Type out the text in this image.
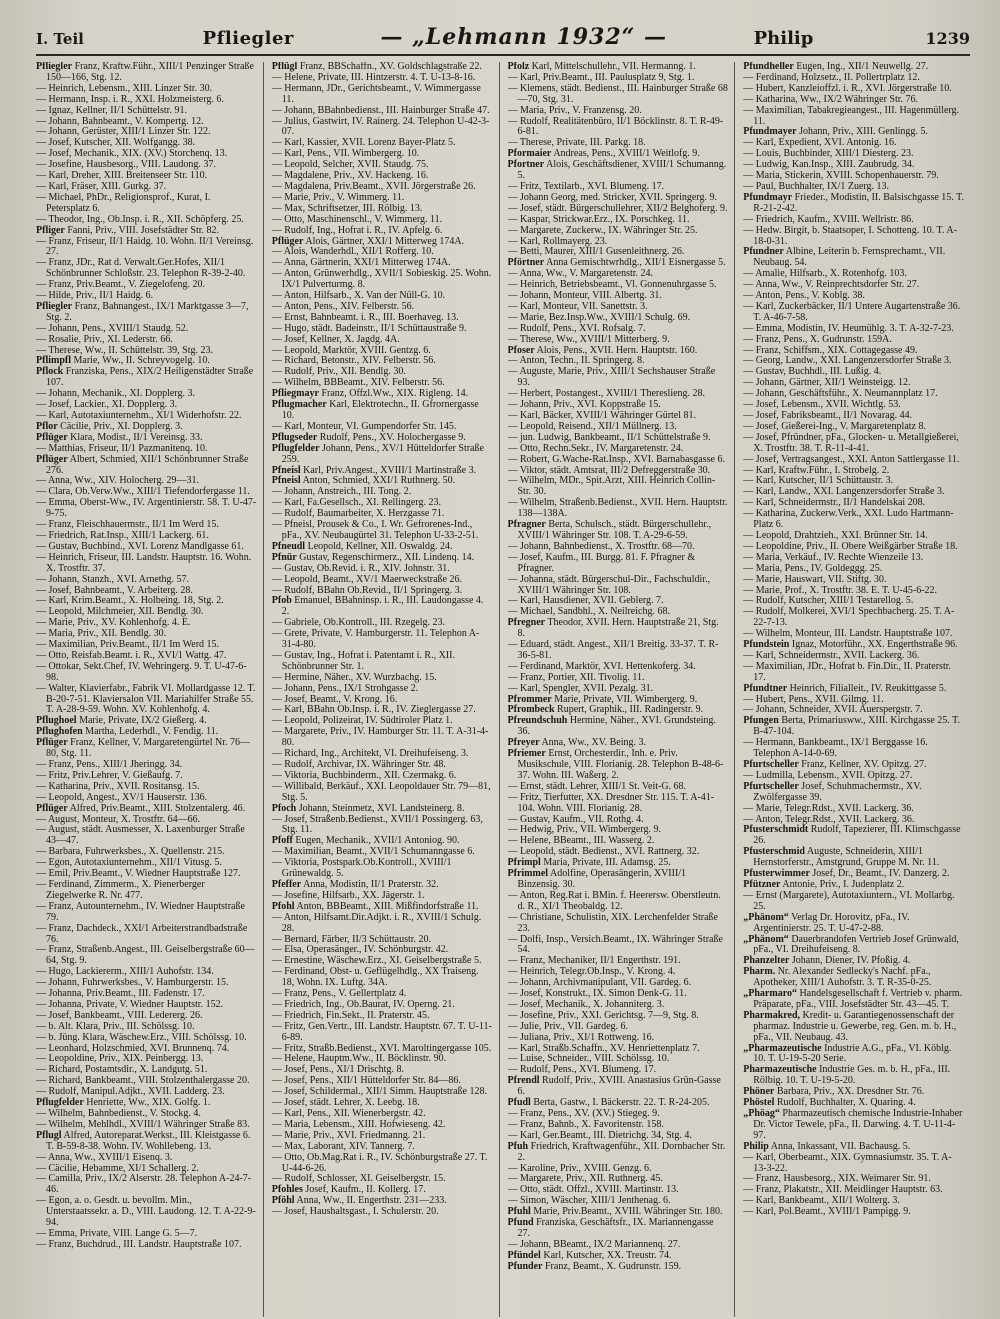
I. Teil	Pfliegler	— „Lehmann 1932“ —	Philip	1239

Pfliegler Franz, Kraftw.Führ., XIII/1 Penzinger Straße 150—166, Stg. 12.

— Heinrich, Lebensm., XIII. Linzer Str. 30.

— Hermann, Insp. i. R., XXI. Holzmeisterg. 6.

— Ignaz, Kellner, II/1 Schüttelstr. 91.

— Johann, Bahnbeamt., V. Kompertg. 12.

— Johann, Gerüster, XIII/1 Linzer Str. 122.

— Josef, Kutscher, XII. Wolfgangg. 38.

— Josef, Mechanik., XIX. (XV.) Storchenq. 13.

— Josefine, Hausbesorg., VIII. Laudong. 37.

— Karl, Dreher, XIII. Breitenseer Str. 110.

— Karl, Fräser, XIII. Gurkg. 37.

— Michael, PhDr., Religionsprof., Kurat, I. Petersplatz 6.

— Theodor, Ing., Ob.Insp. i. R., XII. Schöpferg. 25.

Pfliger Fanni, Priv., VIII. Josefstädter Str. 82.

— Franz, Friseur, II/1 Haidg. 10. Wohn. II/1 Vereinsg. 27.

— Franz, JDr., Rat d. Verwalt.Ger.Hofes, XII/1 Schönbrunner Schloßstr. 23. Telephon R-39-2-40.

— Franz, Priv.Beamt., V. Ziegelofeng. 20.

— Hilde, Priv., II/1 Haidg. 6.

Pfliegler Franz, Bahnangest., IX/1 Marktgasse 3—7, Stg. 2.

— Johann, Pens., XVIII/1 Staudg. 52.

— Rosalie, Priv., XI. Lederstr. 66.

— Therese, Ww., II. Schüttelstr. 39, Stg. 23.

Pflimpfl Marie, Ww., II. Schreyvogelg. 10.

Pflock Franziska, Pens., XIX/2 Heiligenstädter Straße 107.

— Johann, Mechanik., XI. Dopplerg. 3.

— Josef, Lackier., XI. Dopplerg. 3.

— Karl, Autotaxiunternehm., XI/1 Widerhofstr. 22.

Pflor Cäcilie, Priv., XI. Dopplerg. 3.

Pflüger Klara, Modist., II/1 Vereinsg. 33.

— Matthias, Friseur, II/1 Pazmanitenq. 10.

Pflüger Albert, Schmied, XII/1 Schönbrunner Straße 276.

— Anna, Ww., XIV. Holocherg. 29—31.

— Clara, Ob.Verw.Ww., XIII/1 Tiefendorfergasse 11.

— Emma, Oberst-Ww., IV. Argentinierstr. 58. T. U-47-9-75.

— Franz, Fleischhauermstr., II/1 Im Werd 15.

— Friedrich, Rat.Insp., XIII/1 Lackerg. 61.

— Gustav, Buchbind., XVI. Lorenz Mandlgasse 61.

— Heinrich, Friseur, III. Landstr. Hauptstr. 16. Wohn. X. Trostftr. 37.

— Johann, Stanzh., XVI. Arnethg. 57.

— Josef, Bahnbeamt., V. Arbeiterg. 28.

— Karl, Krim.Beamt., X. Holbeing. 18, Stg. 2.

— Leopold, Milchmeier, XII. Bendlg. 30.

— Marie, Priv., XV. Kohlenhofg. 4. E.

— Maria, Priv., XII. Bendlg. 30.

— Maximilian, Priv.Beamt., II/1 Im Werd 15.

— Otto, Reisfab.Beamt. i. R., XVI/1 Wattg. 47.

— Ottokar, Sekt.Chef, IV. Wehringerg. 9. T. U-47-6-98.

— Walter, Klavierfabr., Fabrik VI. Mollardgasse 12. T. B-20-7-51. Klaviersalon VII. Mariahilfer Straße 55. T. A-28-9-59. Wohn. XV. Kohlenhofg. 4.

Pflughoel Marie, Private, IX/2 Gießerg. 4.

Pflughofen Martha, Lederhdl., V. Fendig. 11.

Pflüger Franz, Kellner, V. Margaretengürtel Nr. 76—80, Stg. 11.

— Franz, Pens., XIII/1 Jheringg. 34.

— Fritz, Priv.Lehrer, V. Gießaufg. 7.

— Katharina, Priv., XVII. Rositansg. 15.

— Leopold, Angest., XV/1 Hauserstr. 136.

Pflüger Alfred, Priv.Beamt., XIII. Stolzentalerg. 46.

— August, Monteur, X. Trostftr. 64—66.

— August, städt. Ausmesser, X. Laxenburger Straße 43—47.

— Barbara, Fuhrwerksbes., X. Quellenstr. 215.

— Egon, Autotaxiunternehm., XII/1 Vitusg. 5.

— Emil, Priv.Beamt., V. Wiedner Hauptstraße 127.

— Ferdinand, Zimmerm., X. Pienerberger Ziegelwerke R. Nr. 477.

— Franz, Autounternehm., IV. Wiedner Hauptstraße 79.

— Franz, Dachdeck., XXI/1 Arbeiterstrandbadstraße 76.

— Franz, Straßenb.Angest., III. Geiselbergstraße 60—64, Stg. 9.

— Hugo, Lackiererm., XIII/1 Auhofstr. 134.

— Johann, Fuhrwerksbes., V. Hamburgerstr. 15.

— Johanna, Priv.Beamt., III. Fadenstr. 17.

— Johanna, Private, V. Wiedner Hauptstr. 152.

— Josef, Bankbeamt., VIII. Ledererg. 26.

— b. Alt. Klara, Priv., III. Schölssg. 10.

— b. Jüng. Klara, Wäschew.Erz., VIII. Schölssg. 10.

— Leonhard, Holzschmied, XVI. Brunnenq. 74.

— Leopoldine, Priv., XIX. Peinbergg. 13.

— Richard, Postamtsdir., X. Landgutg. 51.

— Richard, Bankbeamt., VIII. Stolzenthalergasse 20.

— Rudolf, Manipul.Adjkt., XVII. Ladderg. 23.

Pflugfelder Henriette, Ww., XIX. Golfg. 1.

— Wilhelm, Bahnbedienst., V. Stockg. 4.

— Wilhelm, Mehlhdl., XVIII/1 Währinger Straße 83.

Pflugl Alfred, Autoreparat.Werkst., III. Kleistgasse 6. T. B-59-8-38. Wohn. IV. Wohllebeng. 13.

— Anna, Ww., XVIII/1 Eisenq. 3.

— Cäcilie, Hebamme, XI/1 Schallerg. 2.

— Camilla, Priv., IX/2 Alserstr. 28. Telephon A-24-7-46.

— Egon, a. o. Gesdt. u. bevollm. Min., Unterstaatssekr. a. D., VIII. Laudong. 12. T. A-22-9-94.

— Emma, Private, VIII. Lange G. 5—7.

— Franz, Buchdrud., III. Landstr. Hauptstraße 107.

Pflügl Franz, BBSchaffn., XV. Goldschlagstraße 22.

— Helene, Private, III. Hintzerstr. 4. T. U-13-8-16.

— Hermann, JDr., Gerichtsbeamt., V. Wimmergasse 11.

— Johann, BBahnbedienst., III. Hainburger Straße 47.

— Julius, Gastwirt, IV. Rainerg. 24. Telephon U-42-3-07.

— Karl, Kassier, XVII. Lorenz Bayer-Platz 5.

— Karl, Pens., VII. Wimbergerg. 10.

— Leopold, Selcher, XVII. Staudg. 75.

— Magdalene, Priv., XV. Hackeng. 16.

— Magdalena, Priv.Beamt., XVII. Jörgerstraße 26.

— Marie, Priv., V. Wimmerg. 11.

— Max, Schriftsetzer, III. Rölbig. 13.

— Otto, Maschinenschl., V. Wimmerg. 11.

— Rudolf, Ing., Hofrat i. R., IV. Apfelg. 6.

Pflüger Alois, Gärtner, XXI/1 Mitterweg 174A.

— Alois, Wanderhdl., XII/1 Rofferg. 10.

— Anna, Gärtnerin, XXI/1 Mitterweg 174A.

— Anton, Grünwerhdlg., XVII/1 Sobieskig. 25. Wohn. IX/1 Pulverturmg. 8.

— Anton, Hilfsarb., X. Van der Nüll-G. 10.

— Anton, Pens., XIV. Felberstr. 56.

— Ernst, Bahnbeamt. i. R., III. Boerhaveg. 13.

— Hugo, städt. Badeinstr., II/1 Schüttaustraße 9.

— Josef, Kellner, X. Jagdg. 4A.

— Leopold, Marktör, XVIII. Gentzg. 6.

— Richard, Betonstr., XIV. Felberstr. 56.

— Rudolf, Priv., XII. Bendlg. 30.

— Wilhelm, BBBeamt., XIV. Felberstr. 56.

Pfliegmayr Franz, Offzl.Ww., XIX. Rigleng. 14.

Pflugmacher Karl, Elektrotechn., II. Gfrornergasse 10.

— Karl, Monteur, VI. Gumpendorfer Str. 145.

Pflugseder Rudolf, Pens., XV. Holochergasse 9.

Pflugfelder Johann, Pens., XV/1 Hütteldorfer Straße 259.

Pfneisl Karl, Priv.Angest., XVIII/1 Martinstraße 3.

Pfneisl Anton, Schmied, XXI/1 Ruthnerg. 50.

— Johann, Anstreich., III. Tong. 2.

— Karl, Fa.Gesellsch., XI. Rellingerg. 23.

— Rudolf, Baumarbeiter, X. Herzgasse 71.

— Pfneisl, Prousek & Co., I. Wr. Gefrorenes-Ind., pFa., XV. Neubaugürtel 31. Telephon U-33-2-51.

Pfneudl Leopold, Kellner, XII. Oswaldg. 24.

Pfnür Gustav, Regenschirmerz., XII. Lindenq. 14.

— Gustav, Ob.Revid. i. R., XIV. Johnstr. 31.

— Leopold, Beamt., XV/1 Maerweckstraße 26.

— Rudolf, BBahn Ob.Revid., II/1 Springerg. 3.

Pfob Emanuel, BBahninsp. i. R., III. Laudongasse 4. 2.

— Gabriele, Ob.Kontroll., III. Rzegelg. 23.

— Grete, Private, V. Hamburgerstr. 11. Telephon A-31-4-80.

— Gustav, Ing., Hofrat i. Patentamt i. R., XII. Schönbrunner Str. 1.

— Hermine, Näher., XV. Wurzbachg. 15.

— Johann, Pens., IX/1 Strohgasse 2.

— Josef, Beamt., V. Krong. 16.

— Karl, BBahn Ob.Insp. i. R., IV. Zieglergasse 27.

— Leopold, Polizeirat, IV. Südtiroler Platz 1.

— Margarete, Priv., IV. Hamburger Str. 11. T. A-31-4-80.

— Richard, Ing., Architekt, VI. Dreihufeiseng. 3.

— Rudolf, Archivar, IX. Währinger Str. 48.

— Viktoria, Buchbinderm., XII. Czermakg. 6.

— Willibald, Berkäuf., XXI. Leopoldauer Str. 79—81, Stg. 5.

Pfoch Johann, Steinmetz, XVI. Landsteinerg. 8.

— Josef, Straßenb.Bedienst., XVII/1 Possingerg. 63, Stg. 11.

Pfoff Eugen, Mechanik., XVII/1 Antoniog. 90.

— Maximilian, Beamt., XVII/1 Schumanngasse 6.

— Viktoria, Postspark.Ob.Kontroll., XVIII/1 Grünewaldg. 5.

Pfeffer Anna, Modistin, II/1 Praterstr. 32.

— Josefine, Hilfsarb., XX. Jägerstr. 1.

Pfohl Anton, BBBeamt., XIII. Mißfindorfstraße 11.

— Anton, Hilfsamt.Dir.Adjkt. i. R., XVIII/1 Schulg. 28.

— Bernard, Färber, II/3 Schüttaustr. 20.

— Elsa, Operasänger., IV. Schönburgstr. 42.

— Ernestine, Wäschew.Erz., XI. Geiselbergstraße 5.

— Ferdinand, Obst- u. Geflügelhdlg., XX Traiseng. 18, Wohn. IX. Luftg. 34A.

— Franz, Pens., V. Gellertplatz 4.

— Friedrich, Ing., Ob.Baurat, IV. Operng. 21.

— Friedrich, Fin.Sekt., II. Praterstr. 45.

— Fritz, Gen.Vertr., III. Landstr. Hauptstr. 67. T. U-11-6-89.

— Fritz, Straßb.Bedienst., XVI. Maroltingergasse 105.

— Helene, Hauptm.Ww., II. Böcklinstr. 90.

— Josef, Pens., XI/1 Drischtg. 8.

— Josef, Pens., XII/1 Hütteldorfer Str. 84—86.

— Josef, Schildermal., XII/1 Simm. Hauptstraße 128.

— Josef, städt. Lehrer, X. Leebg. 18.

— Karl, Pens., XII. Wienerbergstr. 42.

— Maria, Lebensm., XIII. Hofwieseng. 42.

— Marie, Priv., XVI. Friedmanng. 21.

— Max, Laborant, XIV. Tannerg. 7.

— Otto, Ob.Mag.Rat i. R., IV. Schönburgstraße 27. T. U-44-6-26.

— Rudolf, Schlosser, XI. Geiselbergstr. 15.

Pfohles Josef, Kaufm., II. Kollerg. 17.

Pföhl Anna, Ww., II. Engerthstr. 231—233.

— Josef, Haushaltsgast., I. Schulerstr. 20.

Pfolz Karl, Mittelschullehr., VII. Hermanng. 1.

— Karl, Priv.Beamt., III. Paulusplatz 9, Stg. 1.

— Klemens, städt. Bedienst., III. Hainburger Straße 68—70, Stg. 31.

— Maria, Priv., V. Franzensg. 20.

— Rudolf, Realitätenbüro, II/1 Böcklinstr. 8. T. R-49-6-81.

— Therese, Private, III. Parkg. 18.

Pformaier Andreas, Pens., XVIII/1 Weitlofg. 9.

Pfortner Alois, Geschäftsdiener, XVIII/1 Schumanng. 5.

— Fritz, Textilarb., XVI. Blumeng. 17.

— Johann Georg, med. Stricker, XVII. Springerg. 9.

— Josef, städt. Bürgerschullehrer, XII/2 Belghoferg. 9.

— Kaspar, Strickwar.Erz., IX. Porschkeg. 11.

— Margarete, Zuckerw., IX. Währinger Str. 25.

— Karl, Rollmayerg. 23.

— Betti, Maurer, XIII/1 Gusenleithnerg. 26.

Pförtner Anna Gemischtwrhdlg., XII/1 Eisnergasse 5.

— Anna, Ww., V. Margaretenstr. 24.

— Heinrich, Betriebsbeamt., Vl. Gonnenuhrgasse 5.

— Johann, Monteur, VIII. Albertg. 31.

— Karl, Monteur, VII. Sanettstr. 3.

— Marie, Bez.Insp.Ww., XVIII/1 Schulg. 69.

— Rudolf, Pens., XVI. Rofsalg. 7.

— Therese, Ww., XVIII/1 Mitterberg. 9.

Pfoser Alois, Pens., XVII. Hern. Hauptstr. 160.

— Anton, Techn., II. Springerg. 8.

— Auguste, Marie, Priv., XIII/1 Sechshauser Straße 93.

— Herbert, Postangest., XVIII/1 Thereslieng. 28.

— Johann, Priv., XVI. Koppstraße 15.

— Karl, Bäcker, XVIII/1 Währinger Gürtel 81.

— Leopold, Reisend., XII/1 Müllnerg. 13.

— jun. Ludwig, Bankbeamt., II/1 Schüttelstraße 9.

— Otto, Rechn.Sekr., IV. Margaretenstr. 24.

— Robert, G.Wache-Rat.Insp., XVI. Barnabasgasse 6.

— Viktor, städt. Amtsrat, III/2 Defreggerstraße 30.

— Wilhelm, MDr., Spit.Arzt, XIII. Heinrich Collin-Str. 30.

— Wilhelm, Straßenb.Bedienst., XVII. Hern. Hauptstr. 138—138A.

Pfragner Berta, Schulsch., städt. Bürgerschullehr., XVIII/1 Währinger Str. 108. T. A-29-6-59.

— Johann, Bahnbedienst., X. Trostftr. 68—70.

— Josef, Kaufm., III. Burgg. 81. F. Pfragner & Pfragner.

— Johanna, städt. Bürgerschul-Dir., Fachschuldir., XVIII/1 Währinger Str. 108.

— Karl, Hausdiener, XVII. Geblerg. 7.

— Michael, Sandbhl., X. Neilreichg. 68.

Pfregner Theodor, XVII. Hern. Hauptstraße 21, Stg. 8.

— Eduard, städt. Angest., XII/1 Breitig. 33-37. T. R-36-5-81.

— Ferdinand, Marktör, XVI. Hettenkoferg. 34.

— Franz, Portier, XII. Tivolig. 11.

— Karl, Spengler, XVII. Pezalg. 31.

Pfrommer Marie, Private, VII. Wimbergerg. 9.

Pfrombeck Rupert, Graphik., III. Radingerstr. 9.

Pfreundschuh Hermine, Näher., XVI. Grundsteing. 36.

Pfreyer Anna, Ww., XV. Being. 3.

Pfriemer Ernst, Orchesterdir., Inh. e. Priv. Musikschule, VIII. Florianig. 28. Telephon B-48-6-37. Wohn. III. Waßerg. 2.

— Ernst, städt. Lehrer, XIII/1 St. Veit-G. 68.

— Fritz, Tierfutter, XX. Dresdner Str. 115. T. A-41-104. Wohn. VIII. Florianig. 28.

— Gustav, Kaufm., VII. Rothg. 4.

— Hedwig, Priv., VII. Wimbergerg. 9.

— Helene, BBeamt., III. Wasserg. 2.

— Leopold, städt. Bedienst., XVI. Rattnerg. 32.

Pfrimpl Maria, Private, III. Adamsg. 25.

Pfrimmel Adolfine, Operasängerin, XVIII/1 Binzensig. 30.

— Anton, Reg.Rat i. BMin. f. Heerersw. Oberstleutn. d. R., XI/1 Theobaldg. 12.

— Christiane, Schulistin, XIX. Lerchenfelder Straße 23.

— Dolfi, Insp., Versich.Beamt., IX. Währinger Straße 54.

— Franz, Mechaniker, II/1 Engerthstr. 191.

— Heinrich, Telegr.Ob.Insp., V. Krong. 4.

— Johann, Archivmanipulant, VII. Gardeg. 6.

— Josef, Konstrukt., IX. Simon Denk-G. 11.

— Josef, Mechanik., X. Johanniterg. 3.

— Josefine, Priv., XXI. Gerichtsg. 7—9, Stg. 8.

— Julie, Priv., VII. Gardeg. 6.

— Juliana, Priv., XI/1 Rottweng. 16.

— Karl, Straßb.Schaffn., XV. Henriettenplatz 7.

— Luise, Schneider., VIII. Schölssg. 10.

— Rudolf, Pens., XVI. Blumeng. 17.

Pfrendl Rudolf, Priv., XVIII. Anastasius Grün-Gasse 6.

Pfudl Berta, Gastw., I. Bäckerstr. 22. T. R-24-205.

— Franz, Pens., XV. (XV.) Stiegeg. 9.

— Franz, Bahnb., X. Favoritenstr. 158.

— Karl, Ger.Beamt., III. Dietrichg. 34, Stg. 4.

Pfuh Friedrich, Kraftwagenführ., XII. Dornbacher Str. 2.

— Karoline, Priv., XVIII. Genzg. 6.

— Margarete, Priv., XII. Ruthnerg. 45.

— Otto, städt. Offzl., XVIII. Martinstr. 13.

— Simon, Wäscher, XIII/1 Jenthenag. 6.

Pfuhl Marie, Priv.Beamt., XVIII. Währinger Str. 180.

Pfund Franziska, Geschäftsfr., IX. Mariannengasse 27.

— Johann, BBeamt., IX/2 Mariannenq. 27.

Pfündel Karl, Kutscher, XX. Treustr. 74.

Pfunder Franz, Beamt., X. Gudrunstr. 159.

Pfundheller Eugen, Ing., XII/1 Neuwellg. 27.

— Ferdinand, Holzsetz., II. Pollertrplatz 12.

— Hubert, Kanzleioffzl. i. R., XVI. Jörgerstraße 10.

— Katharina, Ww., IX/2 Währinger Str. 76.

— Maximilian, Tabakregieangest., III. Hagenmüllerg. 11.

Pfundmayer Johann, Priv., XIII. Genlingg. 5.

— Karl, Expedient, XVI. Antonig. 16.

— Louis, Buchbinder, XIII/1 Diesterg. 23.

— Ludwig, Kan.Insp., XIII. Zaubrudg. 34.

— Maria, Stickerin, XVIII. Schopenhauerstr. 79.

— Paul, Buchhalter, IX/1 Zuerg. 13.

Pfundmayr Frieder., Modistin, II. Balsischgasse 15. T. R-21-2-42.

— Friedrich, Kaufm., XVIII. Wellristr. 86.

— Hedw. Birgit, b. Staatsoper, I. Schotteng. 10. T. A-18-0-31.

Pfundner Albine, Leiterin b. Fernsprechamt., VII. Neubaug. 54.

— Amalie, Hilfsarb., X. Rotenhofg. 103.

— Anna, Ww., V. Reinprechtsdorfer Str. 27.

— Anton, Pens., V. Koblg. 38.

— Karl, Zuckerbäcker, II/1 Untere Augartenstraße 36. T. A-46-7-58.

— Emma, Modistin, IV. Heumühlg. 3. T. A-32-7-23.

— Franz, Pens., X. Gudrunstr. 159A.

— Franz, Schiffsm., XIX. Cottagegasse 49.

— Georg, Landw., XXI. Langenzersdorfer Straße 3.

— Gustav, Buchhdl., III. Lußig. 4.

— Johann, Gärtner, XII/1 Weinsteigg. 12.

— Johann, Geschäftsführ., X. Neumannplatz 17.

— Josef, Lebensm., XVII. Wichtlg. 53.

— Josef, Fabriksbeamt., II/1 Novarag. 44.

— Josef, Gießerei-Ing., V. Margaretenplatz 8.

— Josef, Pfründner, pFa., Glocken- u. Metallgießerei, X. Trostftr. 38. T. R-11-4-41.

— Josef, Vertragsangest., XXI. Anton Sattlergasse 11.

— Karl, Kraftw.Führ., I. Strobelg. 2.

— Karl, Kutscher, II/1 Schüttaustr. 3.

— Karl, Landw., XXI. Langenzersdorfer Straße 3.

— Karl, Schneidermstr., II/1 Handelskai 208.

— Katharina, Zuckerw.Verk., XXI. Ludo Hartmann-Platz 6.

— Leopold, Drahtzieh., XXI. Brünner Str. 14.

— Leopoldine, Priv., II. Obere Weißgärber Straße 18.

— Maria, Verkäuf., IV. Rechte Wienzeile 13.

— Maria, Pens., IV. Goldeggg. 25.

— Marie, Hauswart, VII. Stiftg. 30.

— Marie, Prof., X. Trostftr. 38. E. T. U-45-6-22.

— Rudolf, Kutscher, XIII/1 Testarellog. 5.

— Rudolf, Molkerei, XVI/1 Spechbacherg. 25. T. A-22-7-13.

— Wilhelm, Monteur, III. Landstr. Hauptstraße 107.

Pfundstein Ignaz, Motorführ., XX. Engerthstraße 96.

— Karl, Schneidermstr., XVII. Lackerg. 36.

— Maximilian, JDr., Hofrat b. Fin.Dir., II. Praterstr. 17.

Pfundtner Heinrich, Filialleit., IV. Reukittgasse 5.

— Hubert, Pens., XVII. Gilmg. 11.

— Johann, Schneider, XVII. Auerspergstr. 7.

Pfungen Berta, Primariusww., XIII. Kirchgasse 25. T. B-47-104.

— Hermann, Bankbeamt., IX/1 Berggasse 16. Telephon A-14-0-69.

Pfurtscheller Franz, Kellner, XV. Opitzg. 27.

— Ludmilla, Lebensm., XVII. Opitzg. 27.

Pfurtscheller Josef, Schuhmachermstr., XV. Zwölfergasse 39.

— Marie, Telegr.Rdst., XVII. Lackerg. 36.

— Anton, Telegr.Rdst., XVII. Lackerg. 36.

Pfusterschmidt Rudolf, Tapezierer, III. Klimschgasse 26.

Pfusterschmid Auguste, Schneiderin, XIII/1 Hernstorferstr., Amstgrund, Gruppe M. Nr. 11.

Pfusterwimmer Josef, Dr., Beamt., IV. Danzerg. 2.

Pfützner Antonie, Priv., I. Judenplatz 2.

— Ernst (Margarete), Autotaxiuntern., VI. Mollarbg. 25.

„Phänom“ Verlag Dr. Horovitz, pFa., IV. Argentinierstr. 25. T. U-47-2-88.

„Phänom“ Dauerbrandofen Vertrieb Josef Grünwald, pFa., VI. Dreihufeiseng. 8.

Phanzelter Johann, Diener, IV. Pfoßig. 4.

Pharm. Nr. Alexander Sedlecky's Nachf. pFa., Apotheker, XIII/1 Auhofstr. 3. T. R-35-0-25.

„Pharmaro“ Handelsgesellschaft f. Vertrieb v. pharm. Präparate, pFa., VIII. Josefstädter Str. 43—45. T.

Pharmakred, Kredit- u. Garantiegenossenschaft der pharmaz. Industrie u. Gewerbe, reg. Gen. m. b. H., pFa., VII. Neubaug. 43.

„Pharmazeutische Industrie A.G., pFa., VI. Köblg. 10. T. U-19-5-20 Serie.

Pharmazeutische Industrie Ges. m. b. H., pFa., III. Rölbig. 10. T. U-19-5-20.

Phöner Barbara, Priv., XX. Dresdner Str. 76.

Phöstel Rudolf, Buchhalter, X. Quaring. 4.

„Phöag“ Pharmazeutisch chemische Industrie-Inhaber Dr. Victor Tewele, pFa., II. Darwing. 4. T. U-11-4-97.

Philip Anna, Inkassant, VII. Bachausg. 5.

— Karl, Oberbeamt., XIX. Gymnasiumstr. 35. T. A-13-3-22.

— Franz, Hausbesorg., XIX. Weimarer Str. 91.

— Franz, Plakatstr., XII. Meidlinger Hauptstr. 63.

— Karl, Bankbeamt., XII/1 Wolterg. 3.

— Karl, Pol.Beamt., XVIII/1 Pampigg. 9.
